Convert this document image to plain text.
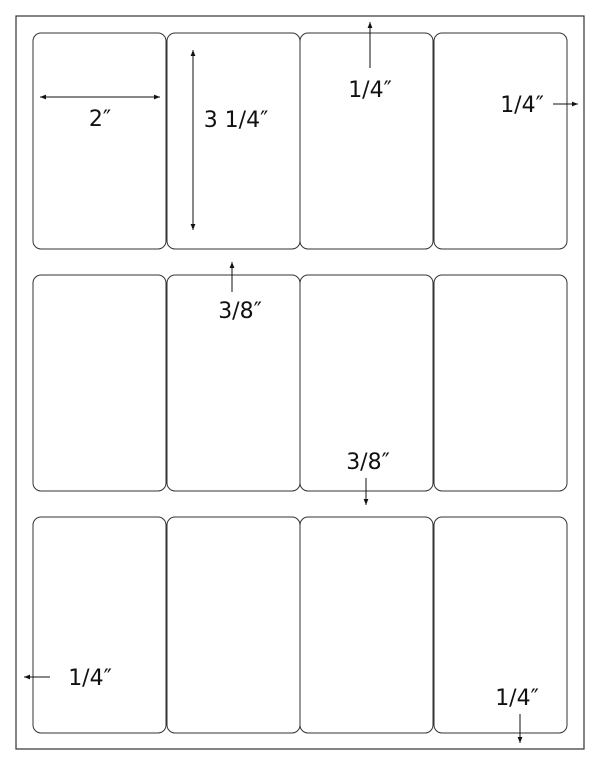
2″	3 1/4″
1/4″
1/4″
3/8″
3/8″
1/4″
1/4″
